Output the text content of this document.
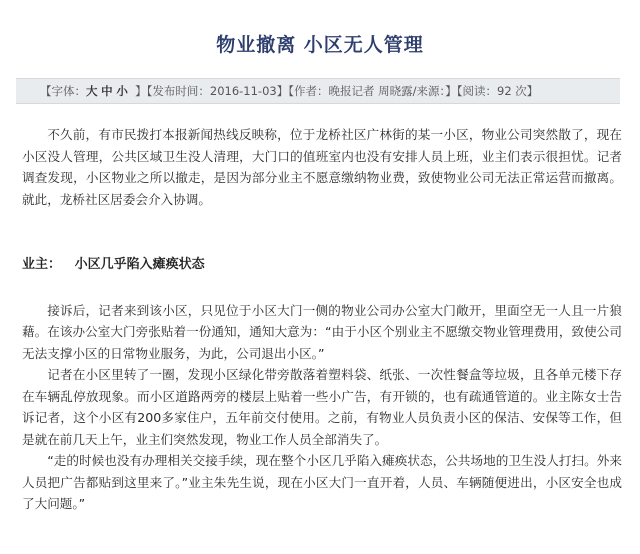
物业撤离 小区无人管理
【字体：大 中 小 】【发布时间：2016-11-03】【作者：晚报记者 周晓露/来源：】【阅读：92 次】

不久前，有市民拨打本报新闻热线反映称，位于龙桥社区广林街的某一小区，物业公司突然散了，现在小区没人管理，公共区域卫生没人清理，大门口的值班室内也没有安排人员上班，业主们表示很担忧。记者调查发现，小区物业之所以撤走，是因为部分业主不愿意缴纳物业费，致使物业公司无法正常运营而撤离。就此，龙桥社区居委会介入协调。

业主： 小区几乎陷入瘫痪状态

接诉后，记者来到该小区，只见位于小区大门一侧的物业公司办公室大门敞开，里面空无一人且一片狼藉。在该办公室大门旁张贴着一份通知，通知大意为：“由于小区个别业主不愿缴交物业管理费用，致使公司无法支撑小区的日常物业服务，为此，公司退出小区。”

记者在小区里转了一圈，发现小区绿化带旁散落着塑料袋、纸张、一次性餐盒等垃圾，且各单元楼下存在车辆乱停放现象。而小区道路两旁的楼层上贴着一些小广告，有开锁的，也有疏通管道的。业主陈女士告诉记者，这个小区有200多家住户，五年前交付使用。之前，有物业人员负责小区的保洁、安保等工作，但是就在前几天上午，业主们突然发现，物业工作人员全部消失了。

“走的时候也没有办理相关交接手续，现在整个小区几乎陷入瘫痪状态，公共场地的卫生没人打扫。外来人员把广告都贴到这里来了。”业主朱先生说，现在小区大门一直开着，人员、车辆随便进出，小区安全也成了大问题。”
